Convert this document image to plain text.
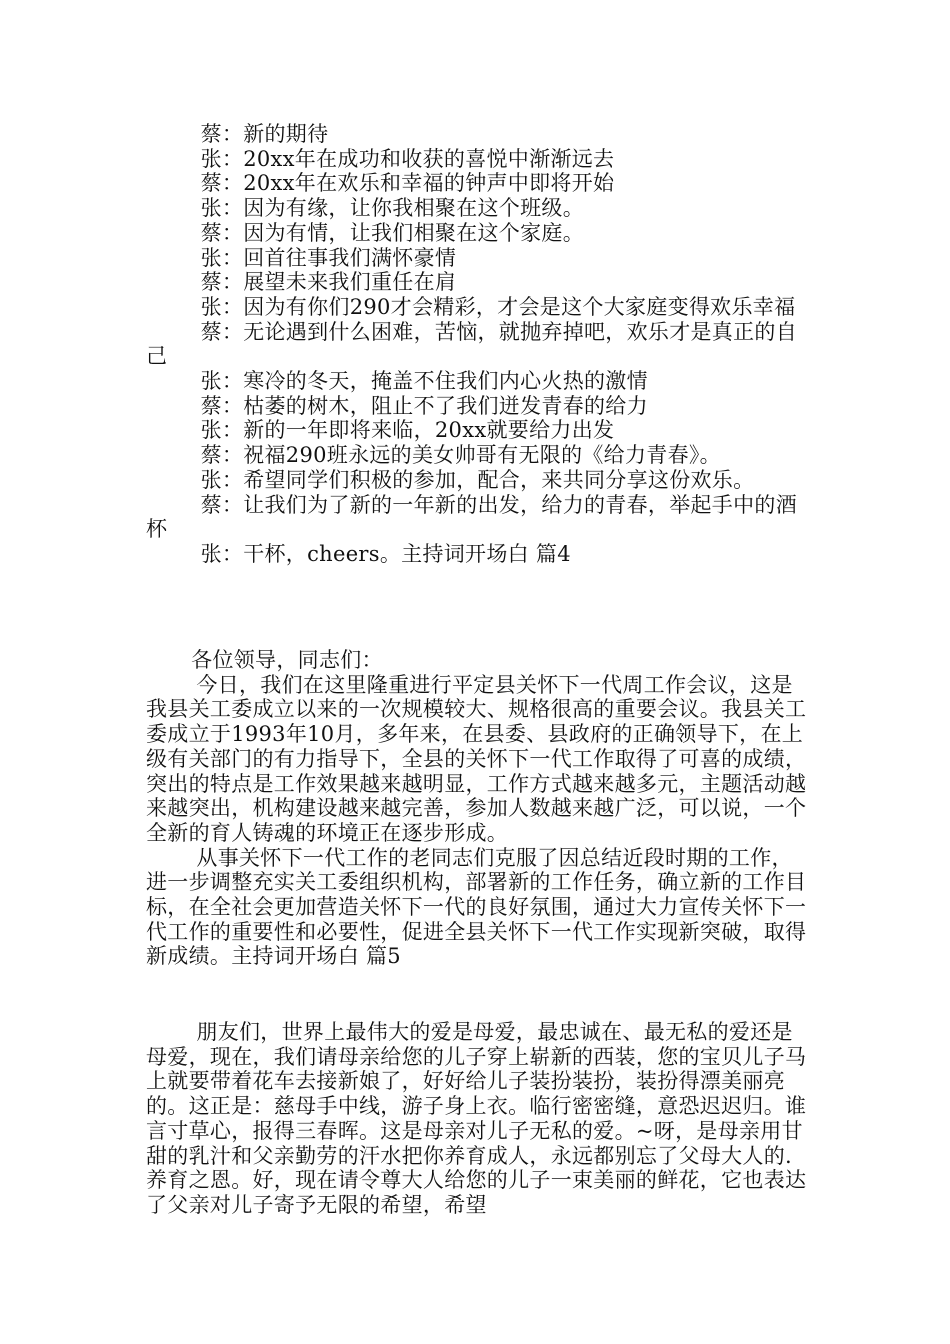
蔡：新的期待

张：20xx年在成功和收获的喜悦中渐渐远去

蔡：20xx年在欢乐和幸福的钟声中即将开始

张：因为有缘，让你我相聚在这个班级。

蔡：因为有情，让我们相聚在这个家庭。

张：回首往事我们满怀豪情

蔡：展望未来我们重任在肩

张：因为有你们290才会精彩，才会是这个大家庭变得欢乐幸福

蔡：无论遇到什么困难，苦恼，就抛弃掉吧，欢乐才是真正的自己

张：寒冷的冬天，掩盖不住我们内心火热的激情

蔡：枯萎的树木，阻止不了我们迸发青春的给力

张：新的一年即将来临，20xx就要给力出发

蔡：祝福290班永远的美女帅哥有无限的《给力青春》。

张：希望同学们积极的参加，配合，来共同分享这份欢乐。

蔡：让我们为了新的一年新的出发，给力的青春，举起手中的酒杯

张：干杯，cheers。主持词开场白 篇4

各位领导，同志们：

今日，我们在这里隆重进行平定县关怀下一代周工作会议，这是我县关工委成立以来的一次规模较大、规格很高的重要会议。我县关工委成立于1993年10月，多年来，在县委、县政府的正确领导下，在上级有关部门的有力指导下，全县的关怀下一代工作取得了可喜的成绩，突出的特点是工作效果越来越明显，工作方式越来越多元，主题活动越来越突出，机构建设越来越完善，参加人数越来越广泛，可以说，一个全新的育人铸魂的环境正在逐步形成。

从事关怀下一代工作的老同志们克服了因总结近段时期的工作，进一步调整充实关工委组织机构，部署新的工作任务，确立新的工作目标，在全社会更加营造关怀下一代的良好氛围，通过大力宣传关怀下一代工作的重要性和必要性，促进全县关怀下一代工作实现新突破，取得新成绩。主持词开场白 篇5

朋友们，世界上最伟大的爱是母爱，最忠诚在、最无私的爱还是母爱，现在，我们请母亲给您的儿子穿上崭新的西装，您的宝贝儿子马上就要带着花车去接新娘了，好好给儿子装扮装扮，装扮得漂美丽亮的。这正是：慈母手中线，游子身上衣。临行密密缝，意恐迟迟归。谁言寸草心，报得三春晖。这是母亲对儿子无私的爱。~呀，是母亲用甘甜的乳汁和父亲勤劳的汗水把你养育成人，永远都别忘了父母大人的.养育之恩。好，现在请令尊大人给您的儿子一束美丽的鲜花，它也表达了父亲对儿子寄予无限的希望，希望
